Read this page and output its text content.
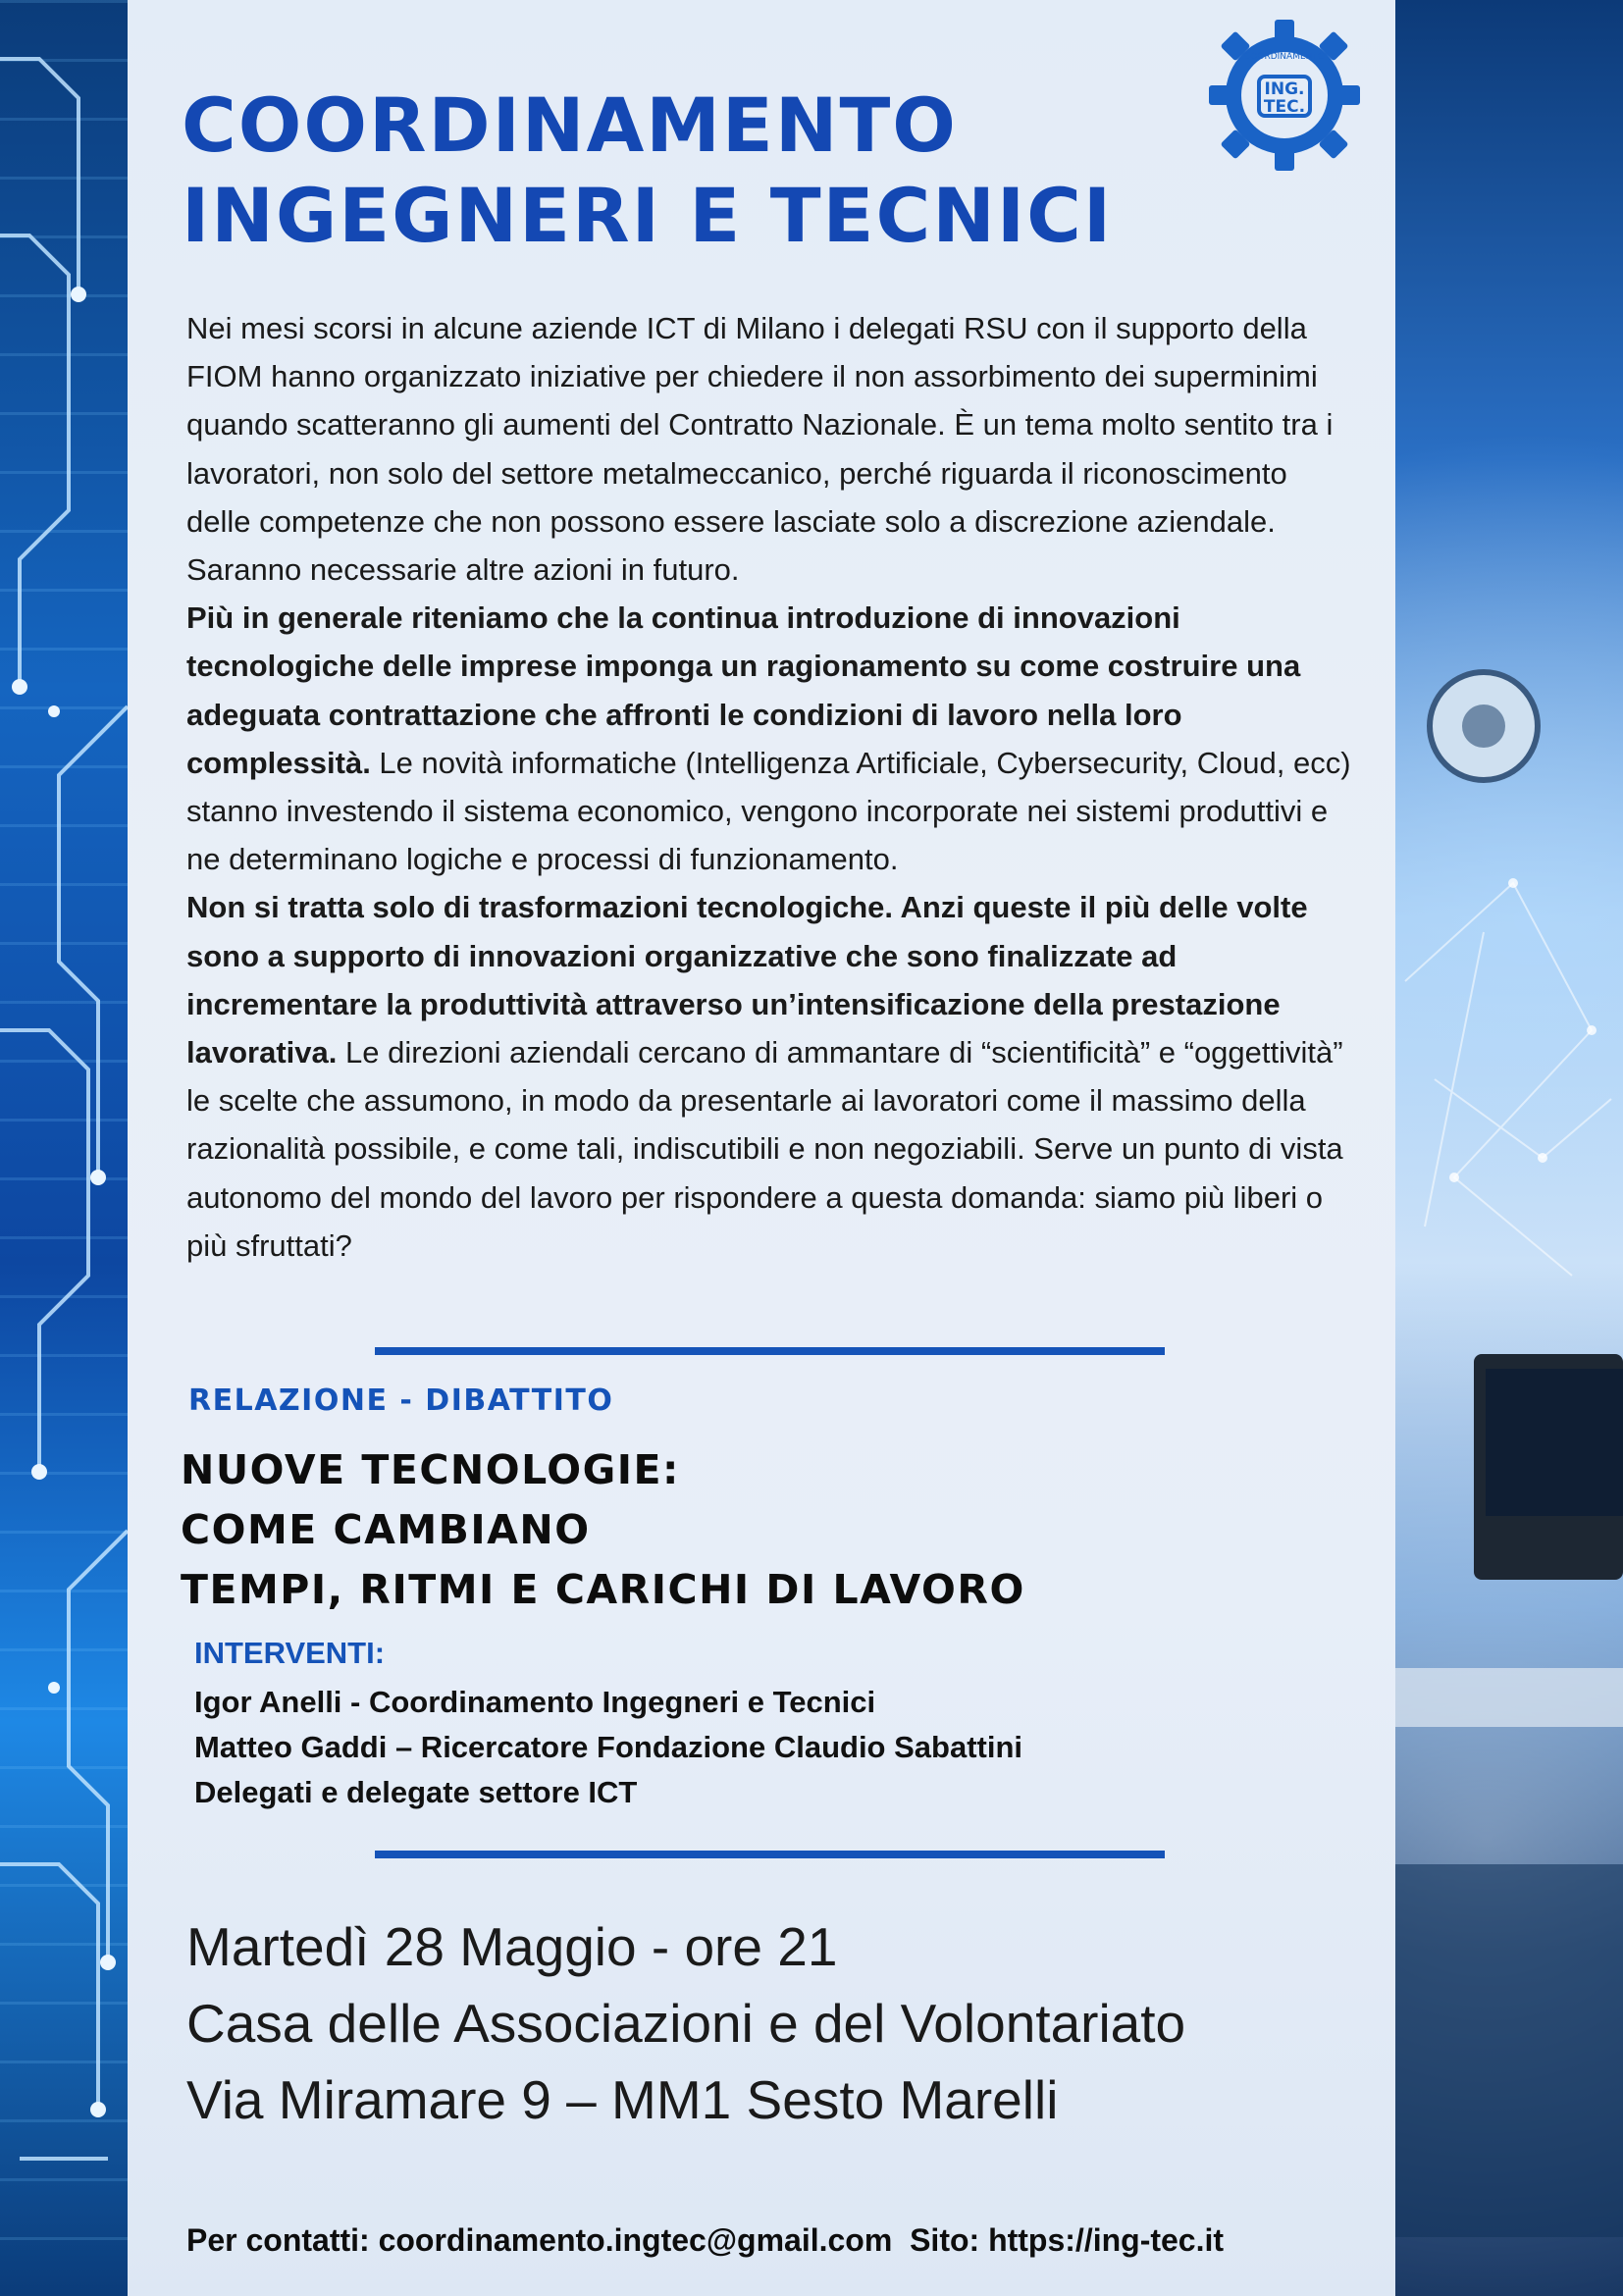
COORDINAMENTO
INGEGNERI E TECNICI
COORDINAMENTO
ING.
TEC.

Nei mesi scorsi in alcune aziende ICT di Milano i delegati RSU con il supporto della FIOM hanno organizzato iniziative per chiedere il non assorbimento dei superminimi quando scatteranno gli aumenti del Contratto Nazionale. È un tema molto sentito tra i lavoratori, non solo del settore metalmeccanico, perché riguarda il riconoscimento delle competenze che non possono essere lasciate solo a discrezione aziendale. Saranno necessarie altre azioni in futuro.

Più in generale riteniamo che la continua introduzione di innovazioni tecnologiche delle imprese imponga un ragionamento su come costruire una adeguata contrattazione che affronti le condizioni di lavoro nella loro complessità. Le novità informatiche (Intelligenza Artificiale, Cybersecurity, Cloud, ecc) stanno investendo il sistema economico, vengono incorporate nei sistemi produttivi e ne determinano logiche e processi di funzionamento.

Non si tratta solo di trasformazioni tecnologiche. Anzi queste il più delle volte sono a supporto di innovazioni organizzative che sono finalizzate ad incrementare la produttività attraverso un’intensificazione della prestazione lavorativa. Le direzioni aziendali cercano di ammantare di “scientificità” e “oggettività” le scelte che assumono, in modo da presentarle ai lavoratori come il massimo della razionalità possibile, e come tali, indiscutibili e non negoziabili. Serve un punto di vista autonomo del mondo del lavoro per rispondere a questa domanda: siamo più liberi o più sfruttati?

RELAZIONE - DIBATTITO
NUOVE TECNOLOGIE:
COME CAMBIANO
TEMPI, RITMI E CARICHI DI LAVORO
INTERVENTI:
Igor Anelli - Coordinamento Ingegneri e Tecnici
Matteo Gaddi – Ricercatore Fondazione Claudio Sabattini
Delegati e delegate settore ICT
Martedì 28 Maggio - ore 21
Casa delle Associazioni e del Volontariato
Via Miramare 9 – MM1 Sesto Marelli
Per contatti: coordinamento.ingtec@gmail.com  Sito: https://ing-tec.it
